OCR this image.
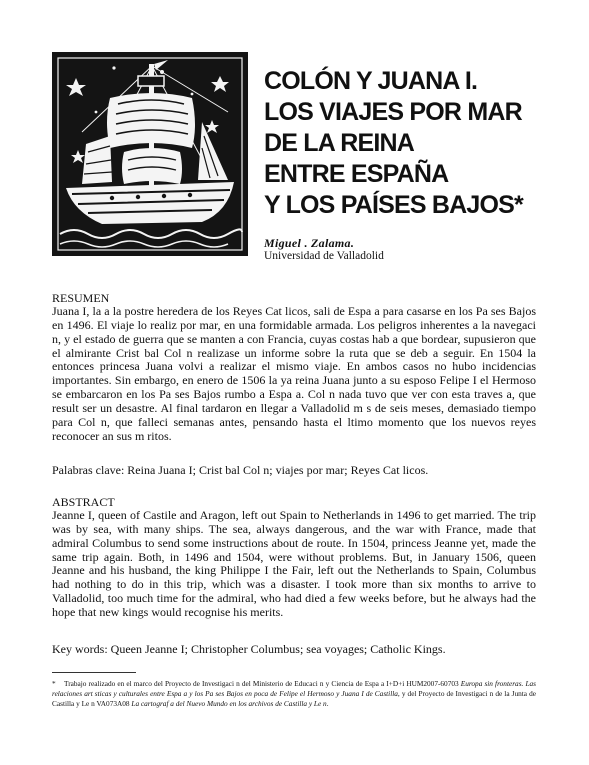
COLÓN Y JUANA I.
LOS VIAJES POR MAR
DE LA REINA
ENTRE ESPAÑA
Y LOS PAÍSES BAJOS*
Miguel . Zalama.
Universidad de Valladolid
RESUMEN
Juana I, la a la postre heredera de los Reyes Cat licos, sali de Espa a para casarse en los Pa ses Bajos en 1496. El viaje lo realiz por mar, en una formidable armada. Los peligros inherentes a la navegaci n, y el estado de guerra que se manten a con Francia, cuyas costas hab a que bordear, supusieron que el almirante Crist bal Col n realizase un informe sobre la ruta que se deb a seguir. En 1504 la entonces princesa Juana volvi a realizar el mismo viaje. En ambos casos no hubo incidencias importantes. Sin embargo, en enero de 1506 la ya reina Juana junto a su esposo Felipe I el Hermoso se embarcaron en los Pa ses Bajos rumbo a Espa a. Col n nada tuvo que ver con esta traves a, que result ser un desastre. Al final tardaron en llegar a Valladolid m s de seis meses, demasiado tiempo para Col n, que falleci semanas antes, pensando hasta el ltimo momento que los nuevos reyes reconocer an sus m ritos.
Palabras clave: Reina Juana I; Crist bal Col n; viajes por mar; Reyes Cat licos.
ABSTRACT
Jeanne I, queen of Castile and Aragon, left out Spain to Netherlands in 1496 to get married. The trip was by sea, with many ships. The sea, always dangerous, and the war with France, made that admiral Columbus to send some instructions about de route. In 1504, princess Jeanne yet, made the same trip again. Both, in 1496 and 1504, were without problems. But, in January 1506, queen Jeanne and his husband, the king Philippe I the Fair, left out the Netherlands to Spain, Columbus had nothing to do in this trip, which was a disaster. I took more than six months to arrive to Valladolid, too much time for the admiral, who had died a few weeks before, but he always had the hope that new kings would recognise his merits.
Key words: Queen Jeanne I; Christopher Columbus; sea voyages; Catholic Kings.
* Trabajo realizado en el marco del Proyecto de Investigaci n del Ministerio de Educaci n y Ciencia de Espa a I+D+i HUM2007-60703 Europa sin fronteras. Las relaciones art sticas y culturales entre Espa a y los Pa ses Bajos en poca de Felipe el Hermoso y Juana I de Castilla, y del Proyecto de Investigaci n de la Junta de Castilla y Le n VA073A08 La cartograf a del Nuevo Mundo en los archivos de Castilla y Le n.
